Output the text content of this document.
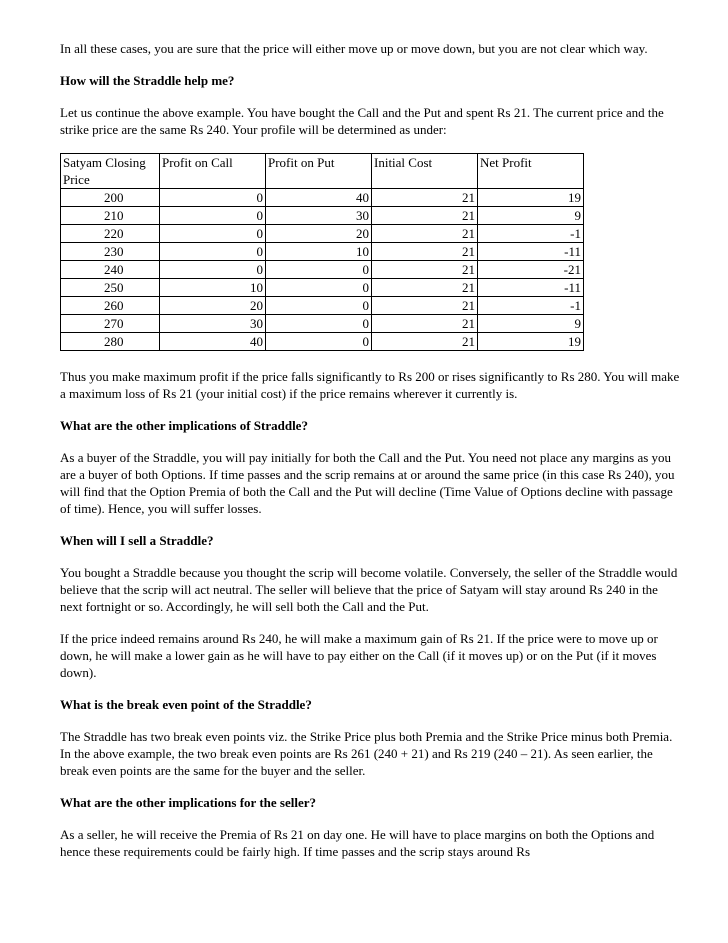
In all these cases, you are sure that the price will either move up or move down, but you are not clear which way.

How will the Straddle help me?

Let us continue the above example. You have bought the Call and the Put and spent Rs 21. The current price and the strike price are the same Rs 240. Your profile will be determined as under:

Satyam Closing Price	Profit on Call	Profit on Put	Initial Cost	Net Profit
200	0	40	21	19
210	0	30	21	9
220	0	20	21	-1
230	0	10	21	-11
240	0	0	21	-21
250	10	0	21	-11
260	20	0	21	-1
270	30	0	21	9
280	40	0	21	19

Thus you make maximum profit if the price falls significantly to Rs 200 or rises significantly to Rs 280. You will make a maximum loss of Rs 21 (your initial cost) if the price remains wherever it currently is.

What are the other implications of Straddle?

As a buyer of the Straddle, you will pay initially for both the Call and the Put. You need not place any margins as you are a buyer of both Options. If time passes and the scrip remains at or around the same price (in this case Rs 240), you will find that the Option Premia of both the Call and the Put will decline (Time Value of Options decline with passage of time). Hence, you will suffer losses.

When will I sell a Straddle?

You bought a Straddle because you thought the scrip will become volatile. Conversely, the seller of the Straddle would believe that the scrip will act neutral. The seller will believe that the price of Satyam will stay around Rs 240 in the next fortnight or so. Accordingly, he will sell both the Call and the Put.

If the price indeed remains around Rs 240, he will make a maximum gain of Rs 21. If the price were to move up or down, he will make a lower gain as he will have to pay either on the Call (if it moves up) or on the Put (if it moves down).

What is the break even point of the Straddle?

The Straddle has two break even points viz. the Strike Price plus both Premia and the Strike Price minus both Premia. In the above example, the two break even points are Rs 261 (240 + 21) and Rs 219 (240 – 21). As seen earlier, the break even points are the same for the buyer and the seller.

What are the other implications for the seller?

As a seller, he will receive the Premia of Rs 21 on day one. He will have to place margins on both the Options and hence these requirements could be fairly high. If time passes and the scrip stays around Rs
